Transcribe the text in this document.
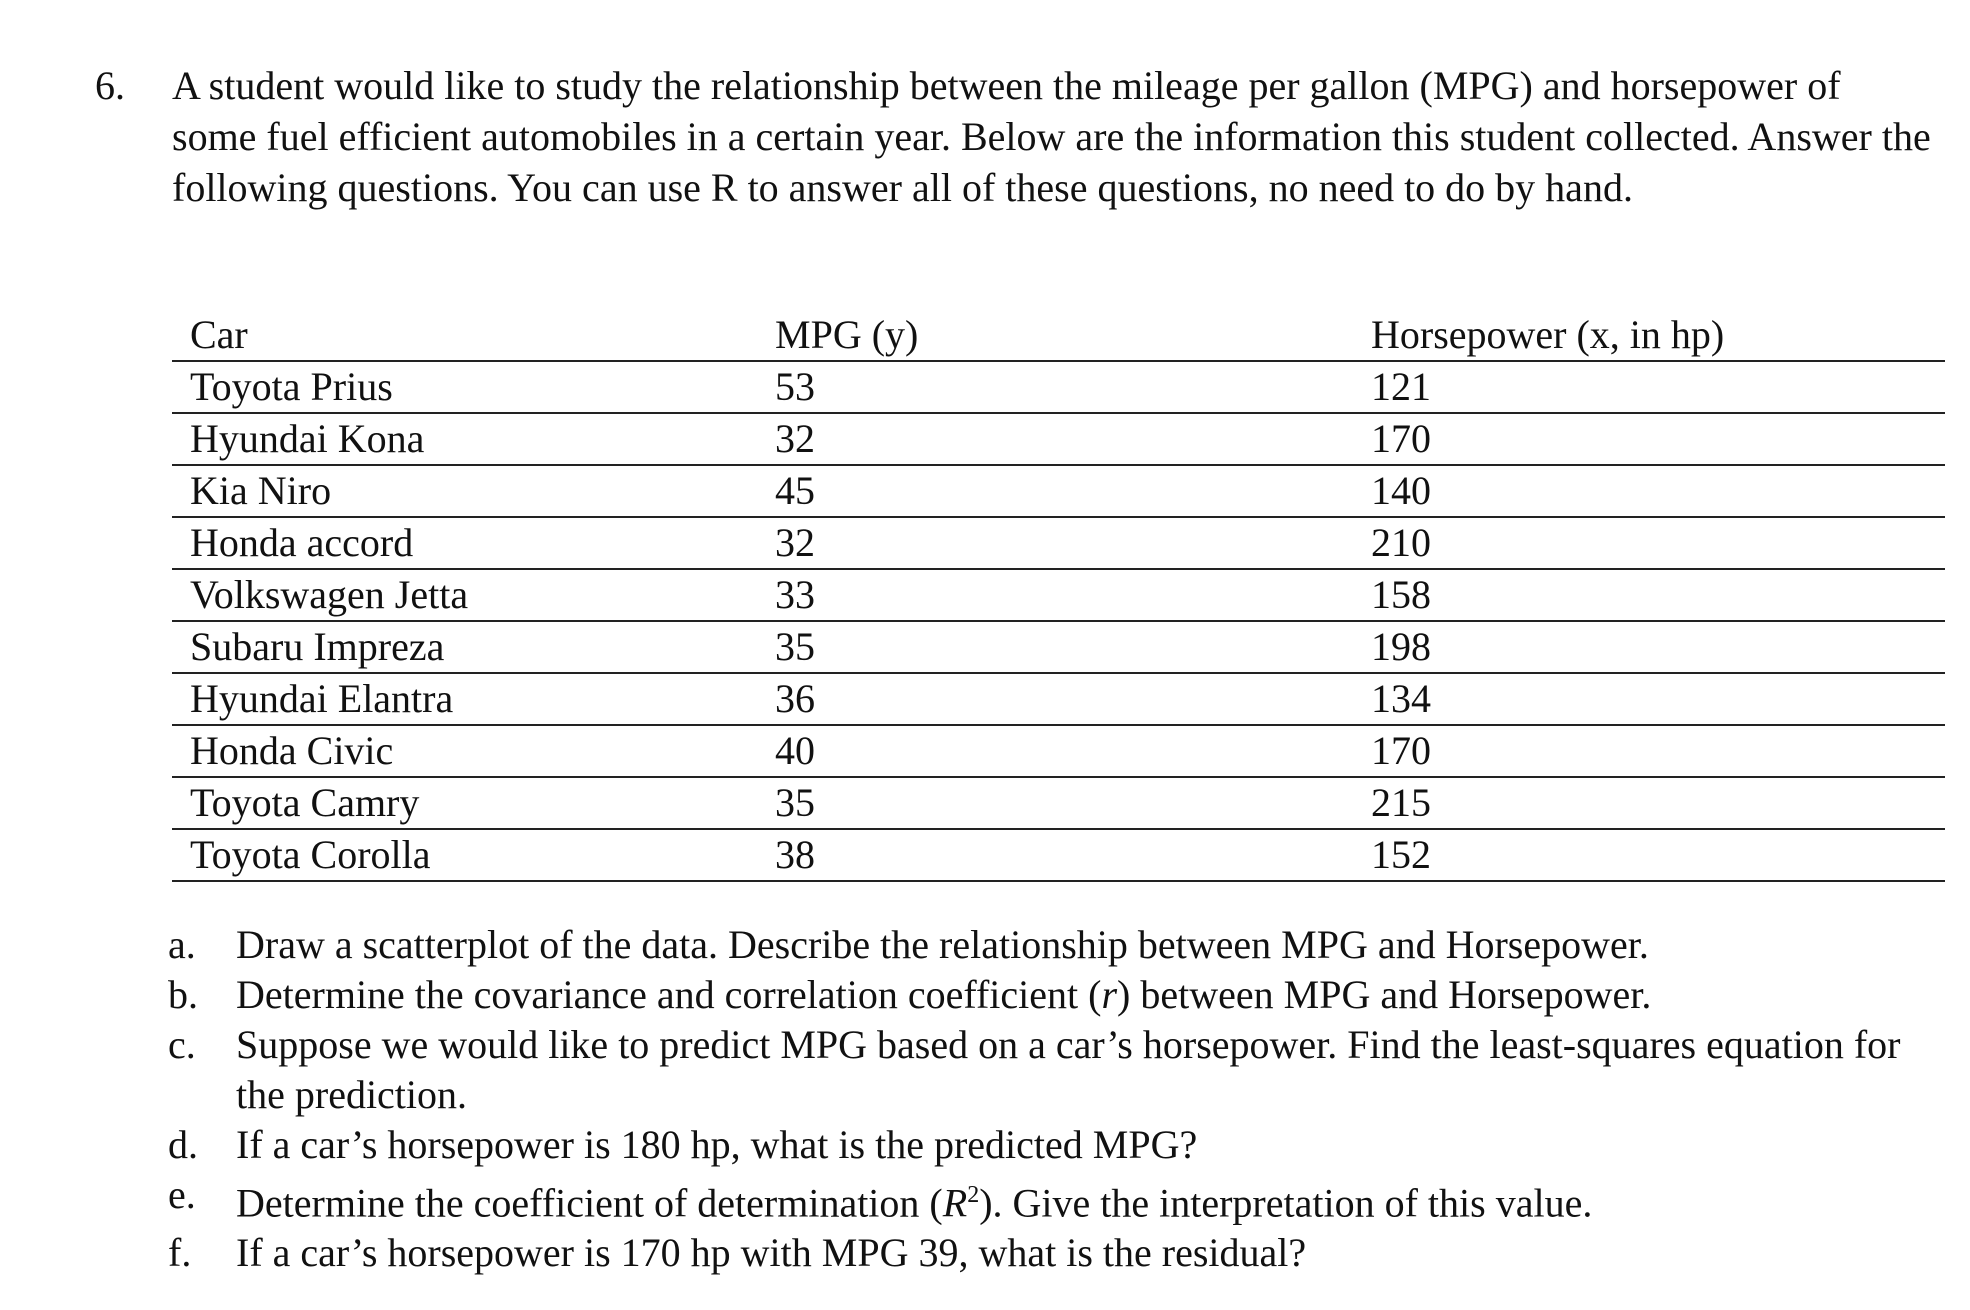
6. A student would like to study the relationship between the mileage per gallon (MPG) and horsepower of some fuel efficient automobiles in a certain year. Below are the information this student collected. Answer the following questions. You can use R to answer all of these questions, no need to do by hand.
Car	MPG (y)	Horsepower (x, in hp)
Toyota Prius	53	121
Hyundai Kona	32	170
Kia Niro	45	140
Honda accord	32	210
Volkswagen Jetta	33	158
Subaru Impreza	35	198
Hyundai Elantra	36	134
Honda Civic	40	170
Toyota Camry	35	215
Toyota Corolla	38	152
a. Draw a scatterplot of the data. Describe the relationship between MPG and Horsepower.
b. Determine the covariance and correlation coefficient (r) between MPG and Horsepower.
c. Suppose we would like to predict MPG based on a car’s horsepower. Find the least-squares equation for the prediction.
d. If a car’s horsepower is 180 hp, what is the predicted MPG?
e. Determine the coefficient of determination $(R^2)$. Give the interpretation of this value.
f. If a car’s horsepower is 170 hp with MPG 39, what is the residual?
